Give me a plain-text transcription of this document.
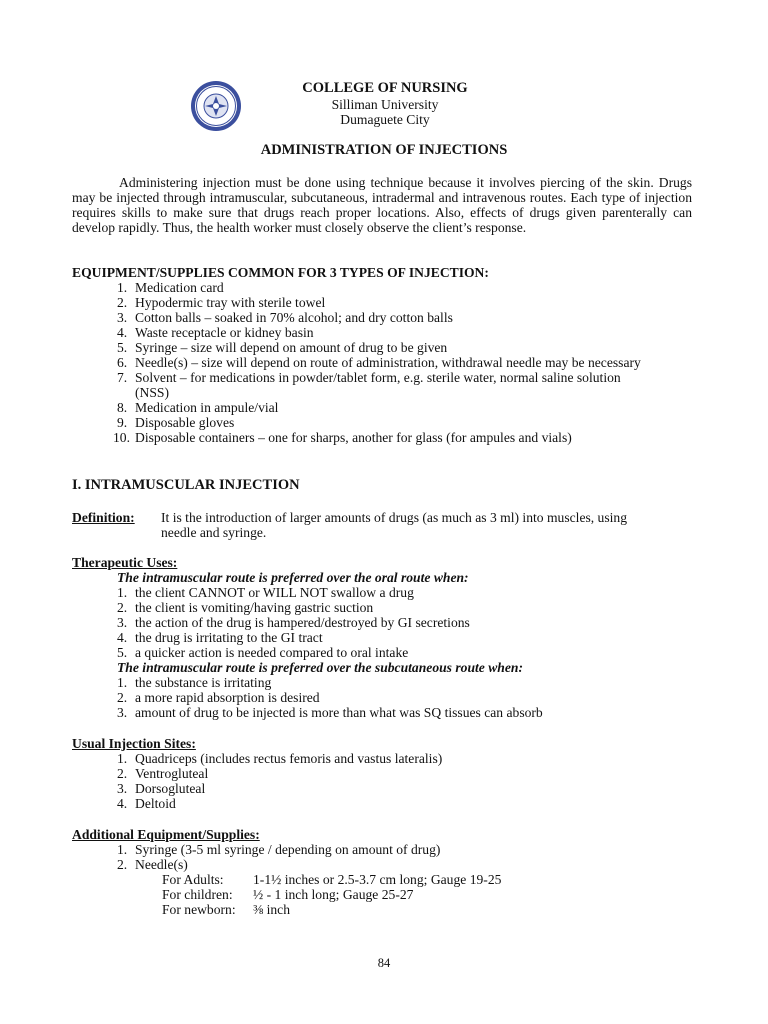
COLLEGE OF NURSING
Silliman University
Dumaguete City
ADMINISTRATION OF INJECTIONS
Administering injection must be done using technique because it involves piercing of the skin. Drugs may be injected through intramuscular, subcutaneous, intradermal and intravenous routes. Each type of injection requires skills to make sure that drugs reach proper locations. Also, effects of drugs given parenterally can develop rapidly. Thus, the health worker must closely observe the client’s response.
EQUIPMENT/SUPPLIES COMMON FOR 3 TYPES OF INJECTION:
1. Medication card
2. Hypodermic tray with sterile towel
3. Cotton balls – soaked in 70% alcohol; and dry cotton balls
4. Waste receptacle or kidney basin
5. Syringe – size will depend on amount of drug to be given
6. Needle(s) – size will depend on route of administration, withdrawal needle may be necessary
7. Solvent – for medications in powder/tablet form, e.g. sterile water, normal saline solution (NSS)
8. Medication in ampule/vial
9. Disposable gloves
10. Disposable containers – one for sharps, another for glass (for ampules and vials)
I. INTRAMUSCULAR INJECTION
Definition: It is the introduction of larger amounts of drugs (as much as 3 ml) into muscles, using needle and syringe.
Therapeutic Uses:
The intramuscular route is preferred over the oral route when:
1. the client CANNOT or WILL NOT swallow a drug
2. the client is vomiting/having gastric suction
3. the action of the drug is hampered/destroyed by GI secretions
4. the drug is irritating to the GI tract
5. a quicker action is needed compared to oral intake
The intramuscular route is preferred over the subcutaneous route when:
1. the substance is irritating
2. a more rapid absorption is desired
3. amount of drug to be injected is more than what was SQ tissues can absorb
Usual Injection Sites:
1. Quadriceps (includes rectus femoris and vastus lateralis)
2. Ventrogluteal
3. Dorsogluteal
4. Deltoid
Additional Equipment/Supplies:
1. Syringe (3-5 ml syringe / depending on amount of drug)
2. Needle(s)
For Adults: 1-1½ inches or 2.5-3.7 cm long; Gauge 19-25
For children: ½ - 1 inch long; Gauge 25-27
For newborn: ⅜ inch
84
